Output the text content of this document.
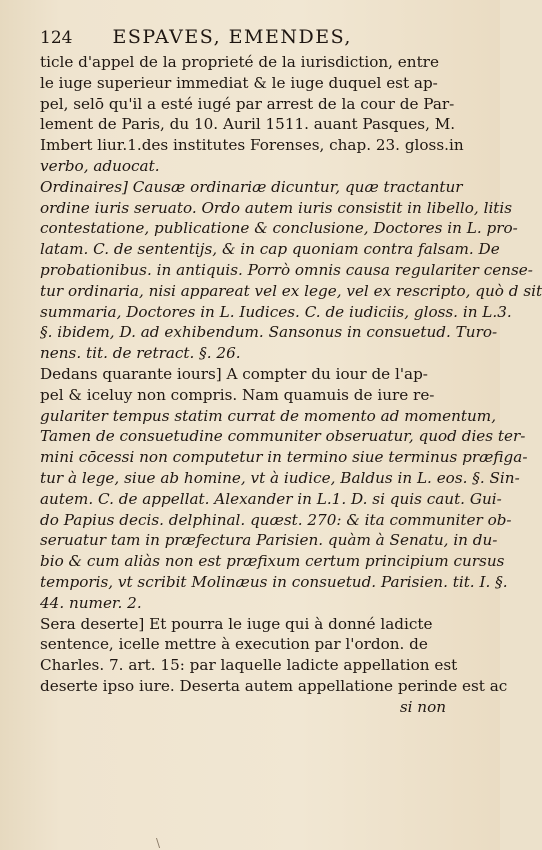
124 ESPAVES, EMENDES,
ticle d'appel de la proprieté de la iurisdiction, entre
le iuge superieur immediat & le iuge duquel est ap-
pel, selō qu'il a esté iugé par arrest de la cour de Par-
lement de Paris, du 10. Auril 1511. auant Pasques, M.
Imbert liur.1.des institutes Forenses, chap. 23. gloss.in
verbo, aduocat.
Ordinaires] Causæ ordinariæ dicuntur, quæ tractantur
ordine iuris seruato. Ordo autem iuris consistit in libello, litis
contestatione, publicatione & conclusione, Doctores in L. pro-
latam. C. de sententijs, & in cap quoniam contra falsam. De
probationibus. in antiquis. Porrò omnis causa regulariter cense-
tur ordinaria, nisi appareat vel ex lege, vel ex rescripto, quò d sit
summaria, Doctores in L. Iudices. C. de iudiciis, gloss. in L.3.
§. ibidem, D. ad exhibendum. Sansonus in consuetud. Turo-
nens. tit. de retract. §. 26.
Dedans quarante iours] A compter du iour de l'ap-
pel & iceluy non compris. Nam quamuis de iure re-
gulariter tempus statim currat de momento ad momentum,
Tamen de consuetudine communiter obseruatur, quod dies ter-
mini cōcessi non computetur in termino siue terminus præfiga-
tur à lege, siue ab homine, vt à iudice, Baldus in L. eos. §. Sin-
autem. C. de appellat. Alexander in L.1. D. si quis caut. Gui-
do Papius decis. delphinal. quæst. 270: & ita communiter ob-
seruatur tam in præfectura Parisien. quàm à Senatu, in du-
bio & cum aliàs non est præfixum certum principium cursus
temporis, vt scribit Molinæus in consuetud. Parisien. tit. I. §.
44. numer. 2.
Sera deserte] Et pourra le iuge qui à donné ladicte
sentence, icelle mettre à execution par l'ordon. de
Charles. 7. art. 15: par laquelle ladicte appellation est
deserte ipso iure. Deserta autem appellatione perinde est ac
si non
\
